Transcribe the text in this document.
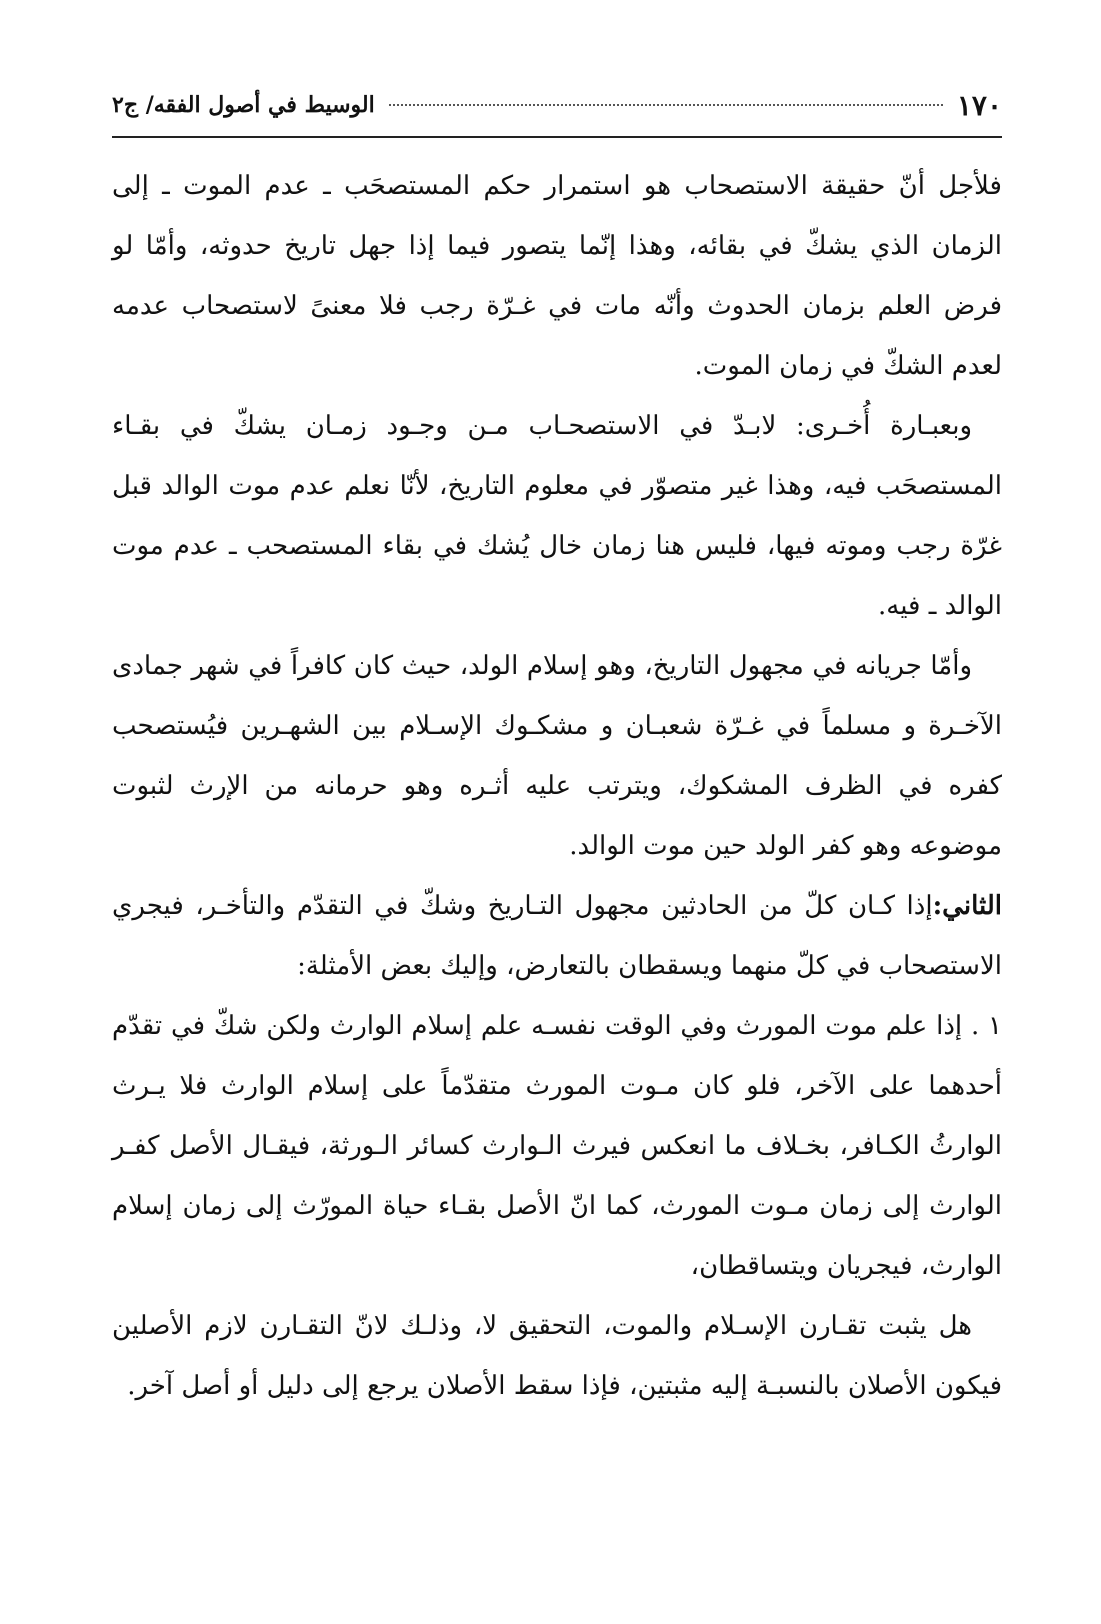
١٧٠
الوسيط في أصول الفقه/ ج٢

فلأجل أنّ حقيقة الاستصحاب هو استمرار حكم المستصحَب ـ عدم الموت ـ إلى الزمان الذي يشكّ في بقائه، وهذا إنّما يتصور فيما إذا جهل تاريخ حدوثه، وأمّا لو فرض العلم بزمان الحدوث وأنّه مات في غـرّة رجب فلا معنىً لاستصحاب عدمه لعدم الشكّ في زمان الموت.

وبعبـارة أُخـرى: لابـدّ في الاستصحـاب مـن وجـود زمـان يشكّ في بقـاء المستصحَب فيه، وهذا غير متصوّر في معلوم التاريخ، لأنّا نعلم عدم موت الوالد قبل غرّة رجب وموته فيها، فليس هنا زمان خال يُشك في بقاء المستصحب ـ عدم موت الوالد ـ فيه.

وأمّا جريانه في مجهول التاريخ، وهو إسلام الولد، حيث كان كافراً في شهر جمادى الآخـرة و مسلماً في غـرّة شعبـان و مشكـوك الإسـلام بين الشهـرين فيُستصحب كفره في الظرف المشكوك، ويترتب عليه أثـره وهو حرمانه من الإرث لثبوت موضوعه وهو كفر الولد حين موت الوالد.

الثاني:إذا كـان كلّ من الحادثين مجهول التـاريخ وشكّ في التقدّم والتأخـر، فيجري الاستصحاب في كلّ منهما ويسقطان بالتعارض، وإليك بعض الأمثلة:

١ . إذا علم موت المورث وفي الوقت نفسـه علم إسلام الوارث ولكن شكّ في تقدّم أحدهما على الآخر، فلو كان مـوت المورث متقدّماً على إسلام الوارث فلا يـرث الوارثُ الكـافر، بخـلاف ما انعكس فيرث الـوارث كسائر الـورثة، فيقـال الأصل كفـر الوارث إلى زمان مـوت المورث، كما انّ الأصل بقـاء حياة المورّث إلى زمان إسلام الوارث، فيجريان ويتساقطان،

هل يثبت تقـارن الإسـلام والموت، التحقيق لا، وذلـك لانّ التقـارن لازم الأصلين فيكون الأصلان بالنسبـة إليه مثبتين، فإذا سقط الأصلان يرجع إلى دليل أو أصل آخر.
